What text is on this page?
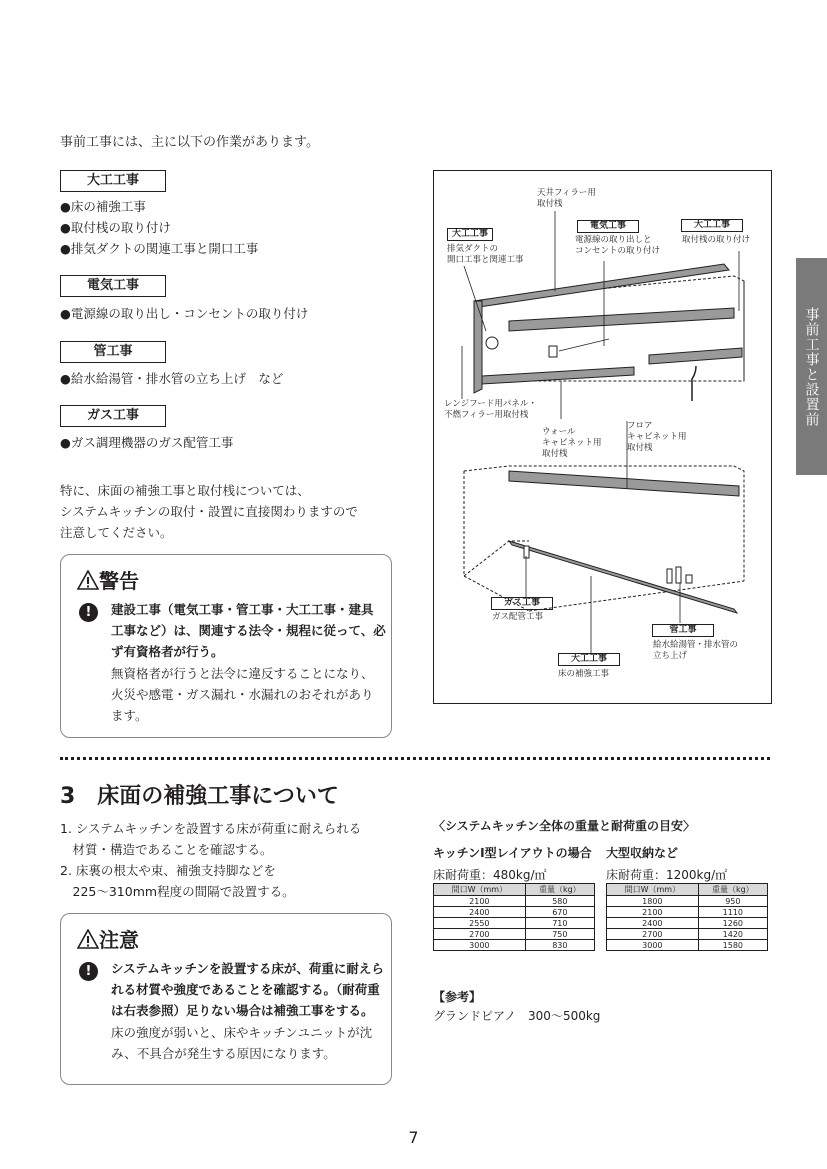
事前工事には、主に以下の作業があります。
大工工事
●床の補強工事
●取付桟の取り付け
●排気ダクトの関連工事と開口工事
電気工事
●電源線の取り出し・コンセントの取り付け
管工事
●給水給湯管・排水管の立ち上げ　など
ガス工事
●ガス調理機器のガス配管工事
特に、床面の補強工事と取付桟については、
システムキッチンの取付・設置に直接関わりますので
注意してください。
警告
!	建設工事（電気工事・管工事・大工工事・建具
工事など）は、関連する法令・規程に従って、必
ず有資格者が行う。
無資格者が行うと法令に違反することになり、
火災や感電・ガス漏れ・水漏れのおそれがあり
ます。
事前工事と設置前
天井フィラー用
取付桟
大工工事
排気ダクトの
開口工事と関連工事
電気工事
電源線の取り出しと
コンセントの取り付け
大工工事
取付桟の取り付け
レンジフード用パネル・
不燃フィラー用取付桟
ウォール
キャビネット用
取付桟
フロア
キャビネット用
取付桟
ガス工事
ガス配管工事
管工事
給水給湯管・排水管の
立ち上げ
大工工事
床の補強工事
3　床面の補強工事について
1. システムキッチンを設置する床が荷重に耐えられる
　材質・構造であることを確認する。
2. 床裏の根太や束、補強支持脚などを
　225〜310mm程度の間隔で設置する。
注意
!	システムキッチンを設置する床が、荷重に耐えら
れる材質や強度であることを確認する。（耐荷重
は右表参照）足りない場合は補強工事をする。
床の強度が弱いと、床やキッチンユニットが沈
み、不具合が発生する原因になります。
〈システムキッチン全体の重量と耐荷重の目安〉
キッチンI型レイアウトの場合
床耐荷重：480kg/㎡
間口W（mm）	重量（kg）
2100	580
2400	670
2550	710
2700	750
3000	830
大型収納など
床耐荷重：1200kg/㎡
間口W（mm）	重量（kg）
1800	950
2100	1110
2400	1260
2700	1420
3000	1580
【参考】
グランドピアノ　300〜500kg
7
